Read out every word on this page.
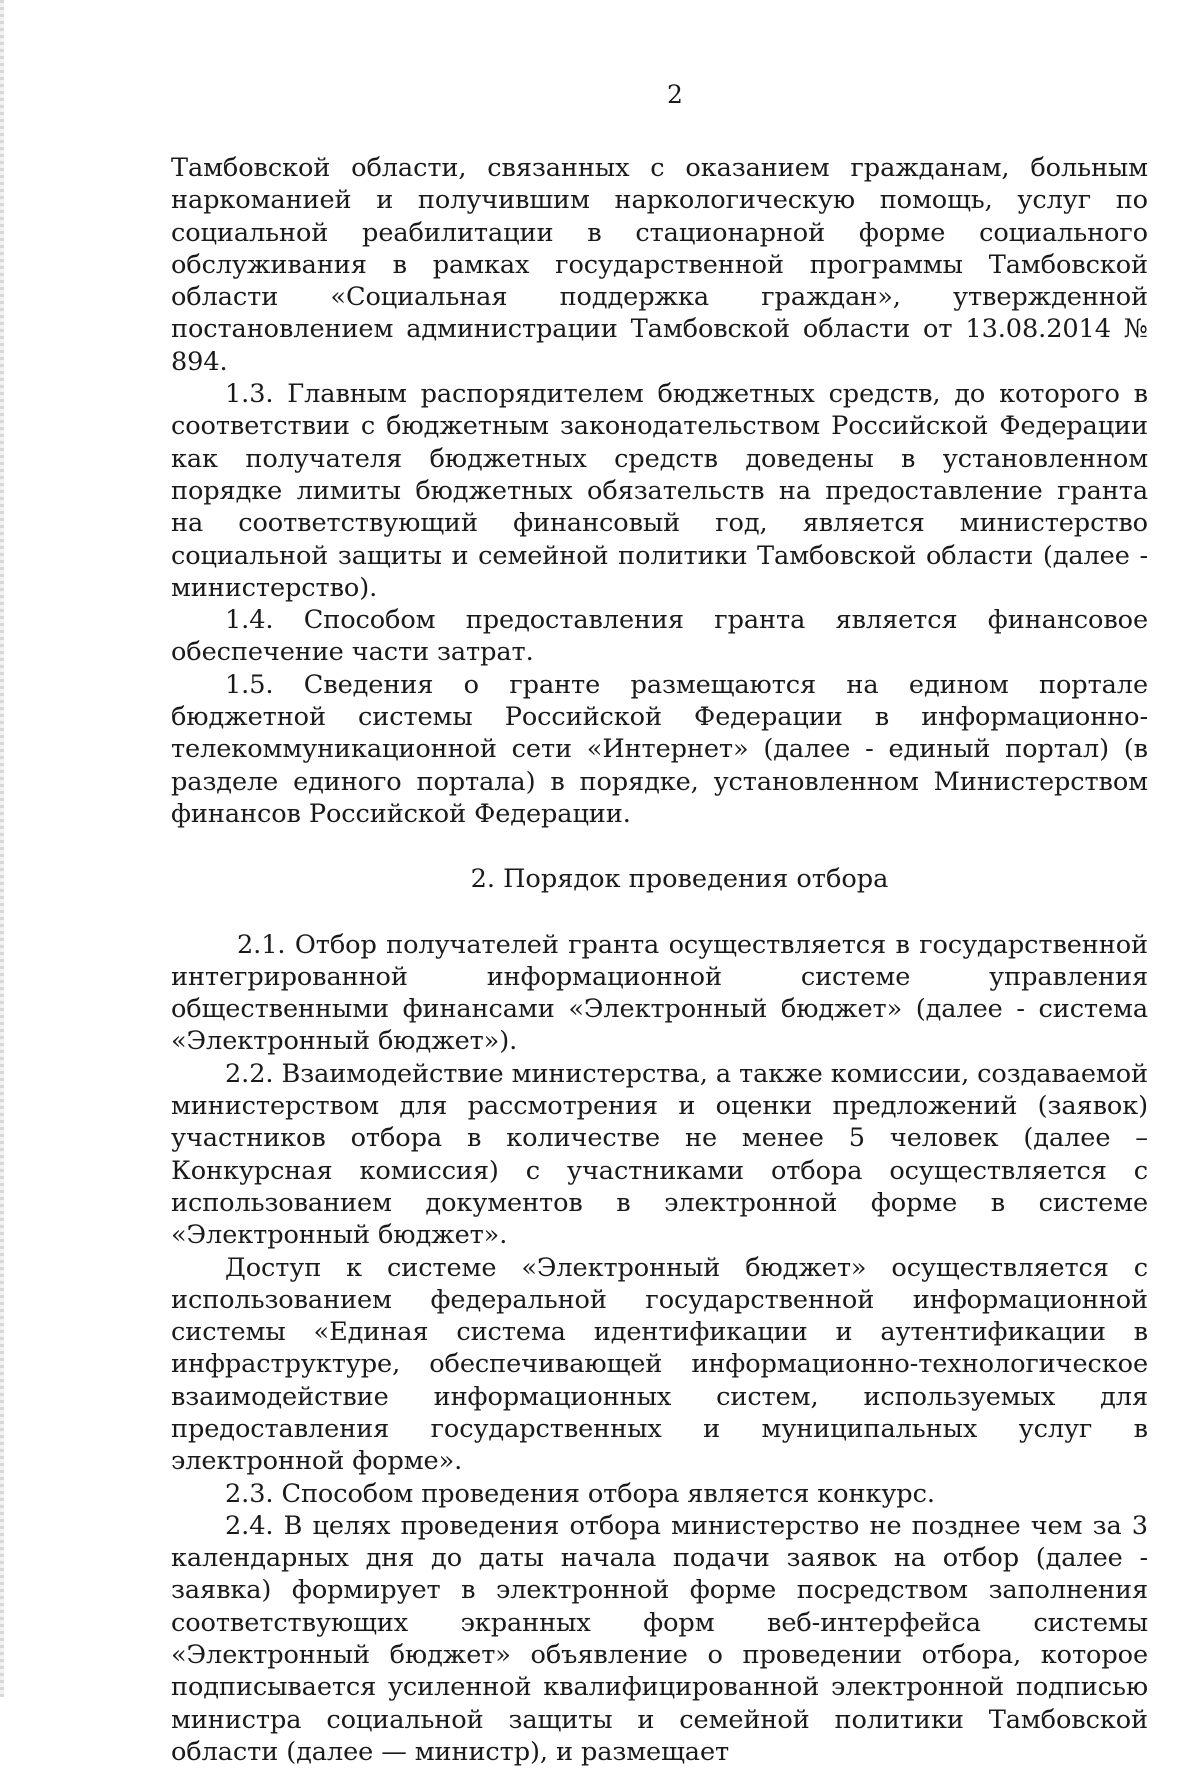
2

Тамбовской области, связанных с оказанием гражданам, больным наркоманией и получившим наркологическую помощь, услуг по социальной реабилитации в стационарной форме социального обслуживания в рамках государственной программы Тамбовской области «Социальная поддержка граждан», утвержденной постановлением администрации Тамбовской области от 13.08.2014 № 894.

1.3. Главным распорядителем бюджетных средств, до которого в соответствии с бюджетным законодательством Российской Федерации как получателя бюджетных средств доведены в установленном порядке лимиты бюджетных обязательств на предоставление гранта на соответствующий финансовый год, является министерство социальной защиты и семейной политики Тамбовской области (далее - министерство).

1.4. Способом предоставления гранта является финансовое обеспечение части затрат.

1.5. Сведения о гранте размещаются на едином портале бюджетной системы Российской Федерации в информационно-телекоммуникационной сети «Интернет» (далее - единый портал) (в разделе единого портала) в порядке, установленном Министерством финансов Российской Федерации.

2. Порядок проведения отбора

2.1. Отбор получателей гранта осуществляется в государственной интегрированной информационной системе управления общественными финансами «Электронный бюджет» (далее - система «Электронный бюджет»).

2.2. Взаимодействие министерства, а также комиссии, создаваемой министерством для рассмотрения и оценки предложений (заявок) участников отбора в количестве не менее 5 человек (далее – Конкурсная комиссия) с участниками отбора осуществляется с использованием документов в электронной форме в системе «Электронный бюджет».

Доступ к системе «Электронный бюджет» осуществляется с использованием федеральной государственной информационной системы «Единая система идентификации и аутентификации в инфраструктуре, обеспечивающей информационно-технологическое взаимодействие информационных систем, используемых для предоставления государственных и муниципальных услуг в электронной форме».

2.3. Способом проведения отбора является конкурс.

2.4. В целях проведения отбора министерство не позднее чем за 3 календарных дня до даты начала подачи заявок на отбор (далее - заявка) формирует в электронной форме посредством заполнения соответствующих экранных форм веб-интерфейса системы «Электронный бюджет» объявление о проведении отбора, которое подписывается усиленной квалифицированной электронной подписью министра социальной защиты и семейной политики Тамбовской области (далее — министр), и размещает
